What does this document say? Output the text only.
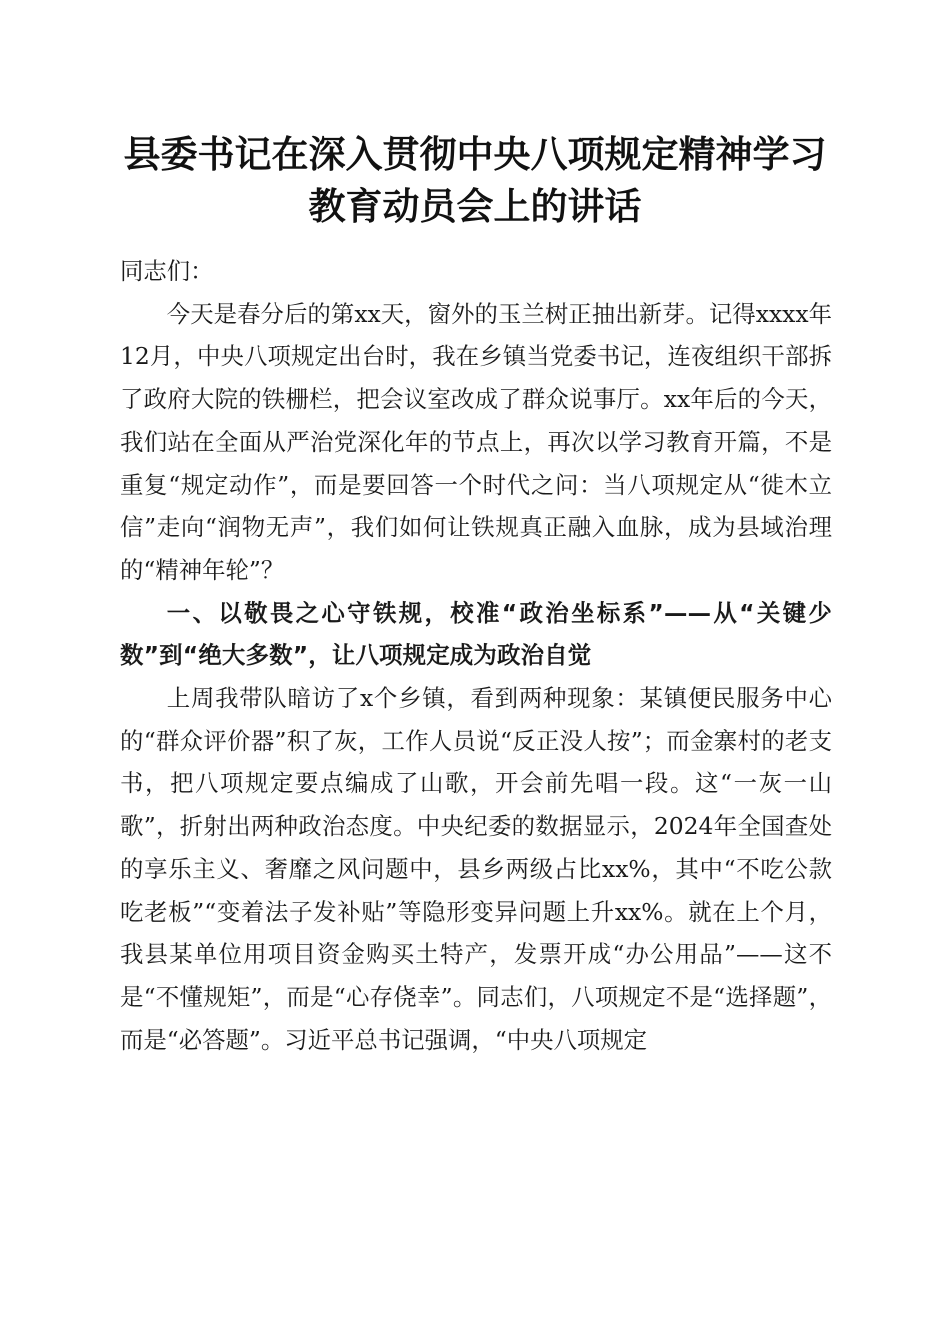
县委书记在深入贯彻中央八项规定精神学习教育动员会上的讲话

同志们：

今天是春分后的第xx天，窗外的玉兰树正抽出新芽。记得xxxx年12月，中央八项规定出台时，我在乡镇当党委书记，连夜组织干部拆了政府大院的铁栅栏，把会议室改成了群众说事厅。xx年后的今天，我们站在全面从严治党深化年的节点上，再次以学习教育开篇，不是重复“规定动作”，而是要回答一个时代之问：当八项规定从“徙木立信”走向“润物无声”，我们如何让铁规真正融入血脉，成为县域治理的“精神年轮”？

一、以敬畏之心守铁规，校准“政治坐标系”——从“关键少数”到“绝大多数”，让八项规定成为政治自觉

上周我带队暗访了x个乡镇，看到两种现象：某镇便民服务中心的“群众评价器”积了灰，工作人员说“反正没人按”；而金寨村的老支书，把八项规定要点编成了山歌，开会前先唱一段。这“一灰一山歌”，折射出两种政治态度。中央纪委的数据显示，2024年全国查处的享乐主义、奢靡之风问题中，县乡两级占比xx%，其中“不吃公款吃老板”“变着法子发补贴”等隐形变异问题上升xx%。就在上个月，我县某单位用项目资金购买土特产，发票开成“办公用品”——这不是“不懂规矩”，而是“心存侥幸”。同志们，八项规定不是“选择题”，而是“必答题”。习近平总书记强调，“中央八项规定
